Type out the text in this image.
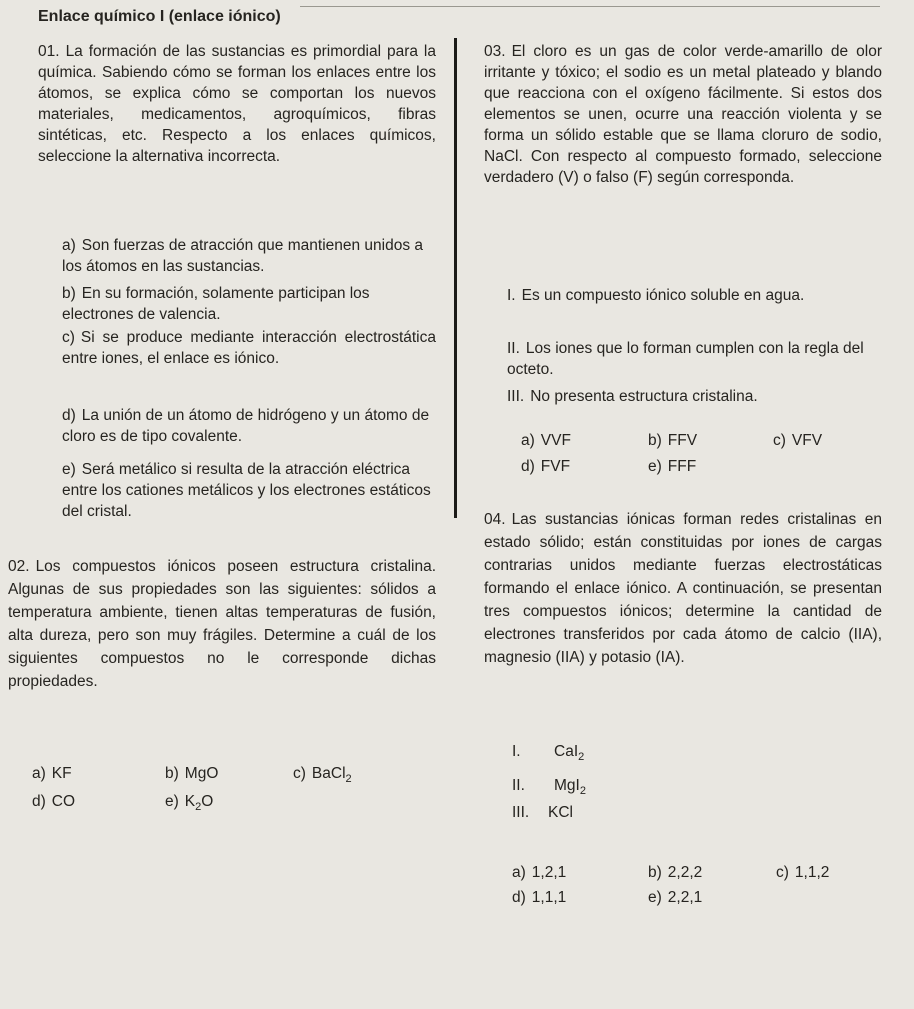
Enlace químico I (enlace iónico)
01. La formación de las sustancias es primordial para la química. Sabiendo cómo se forman los enlaces entre los átomos, se explica cómo se comportan los nuevos materiales, medicamentos, agroquímicos, fibras sintéticas, etc. Respecto a los enlaces químicos, seleccione la alternativa incorrecta.
a) Son fuerzas de atracción que mantienen unidos a los átomos en las sustancias.
b) En su formación, solamente participan los electrones de valencia.
c) Si se produce mediante interacción electrostática entre iones, el enlace es iónico.
d) La unión de un átomo de hidrógeno y un átomo de cloro es de tipo covalente.
e) Será metálico si resulta de la atracción eléctrica entre los cationes metálicos y los electrones estáticos del cristal.
02. Los compuestos iónicos poseen estructura cristalina. Algunas de sus propiedades son las siguientes: sólidos a temperatura ambiente, tienen altas temperaturas de fusión, alta dureza, pero son muy frágiles. Determine a cuál de los siguientes compuestos no le corresponde dichas propiedades.
a) KF	b) MgO	c) BaCl$_2$
d) CO	e) $K_2O$
03. El cloro es un gas de color verde-amarillo de olor irritante y tóxico; el sodio es un metal plateado y blando que reacciona con el oxígeno fácilmente. Si estos dos elementos se unen, ocurre una reacción violenta y se forma un sólido estable que se llama cloruro de sodio, NaCl. Con respecto al compuesto formado, seleccione verdadero (V) o falso (F) según corresponda.
I. Es un compuesto iónico soluble en agua.
II. Los iones que lo forman cumplen con la regla del octeto.
III. No presenta estructura cristalina.
a) VVF	b) FFV	c) VFV
d) FVF	e) FFF
04. Las sustancias iónicas forman redes cristalinas en estado sólido; están constituidas por iones de cargas contrarias unidos mediante fuerzas electrostáticas formando el enlace iónico. A continuación, se presentan tres compuestos iónicos; determine la cantidad de electrones transferidos por cada átomo de calcio (IIA), magnesio (IIA) y potasio (IA).
I. CaI$_2$
II. MgI$_2$
III. KCl
a) 1,2,1	b) 2,2,2	c) 1,1,2
d) 1,1,1	e) 2,2,1
